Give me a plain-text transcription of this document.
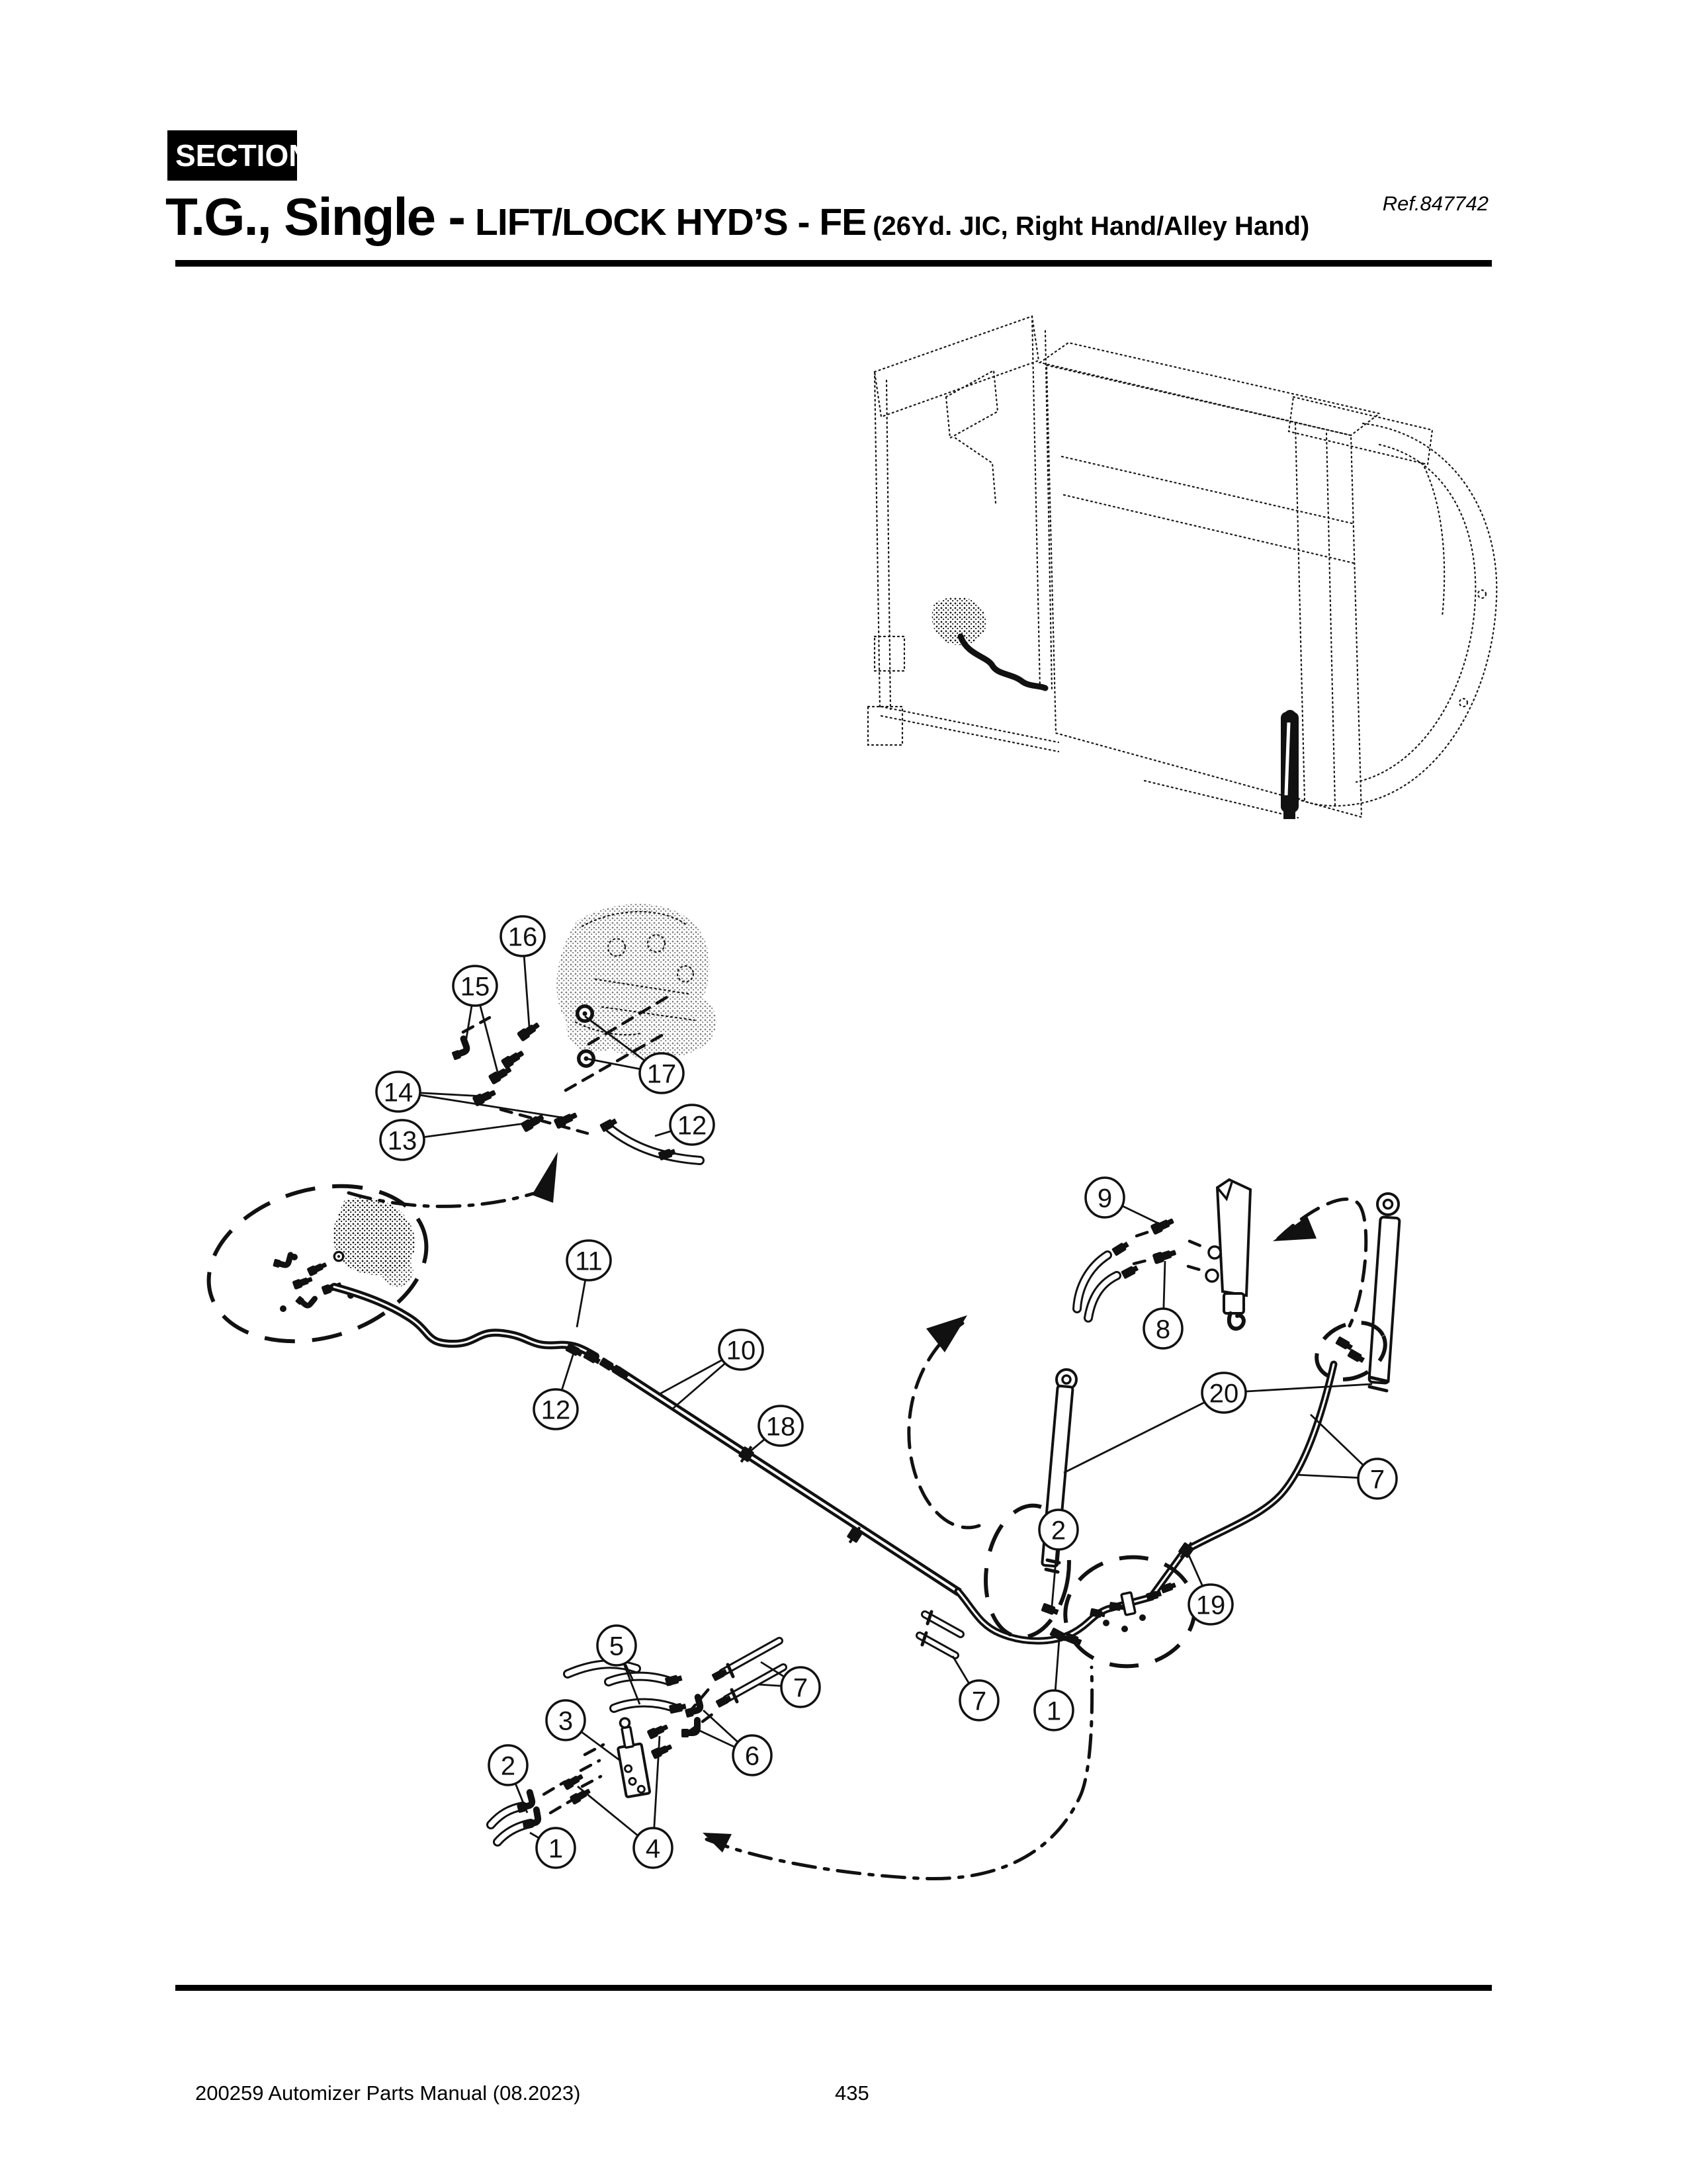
SECTION 2
T.G., Single - LIFT/LOCK HYD’S - FE (26Yd. JIC, Right Hand/Alley Hand)
Ref.847742
16
15
14
13
17
12
11
12
10
18
9
8
20
7
19
2
1
7
5
3
2
1	4
6
7
200259 Automizer Parts Manual (08.2023)	435
